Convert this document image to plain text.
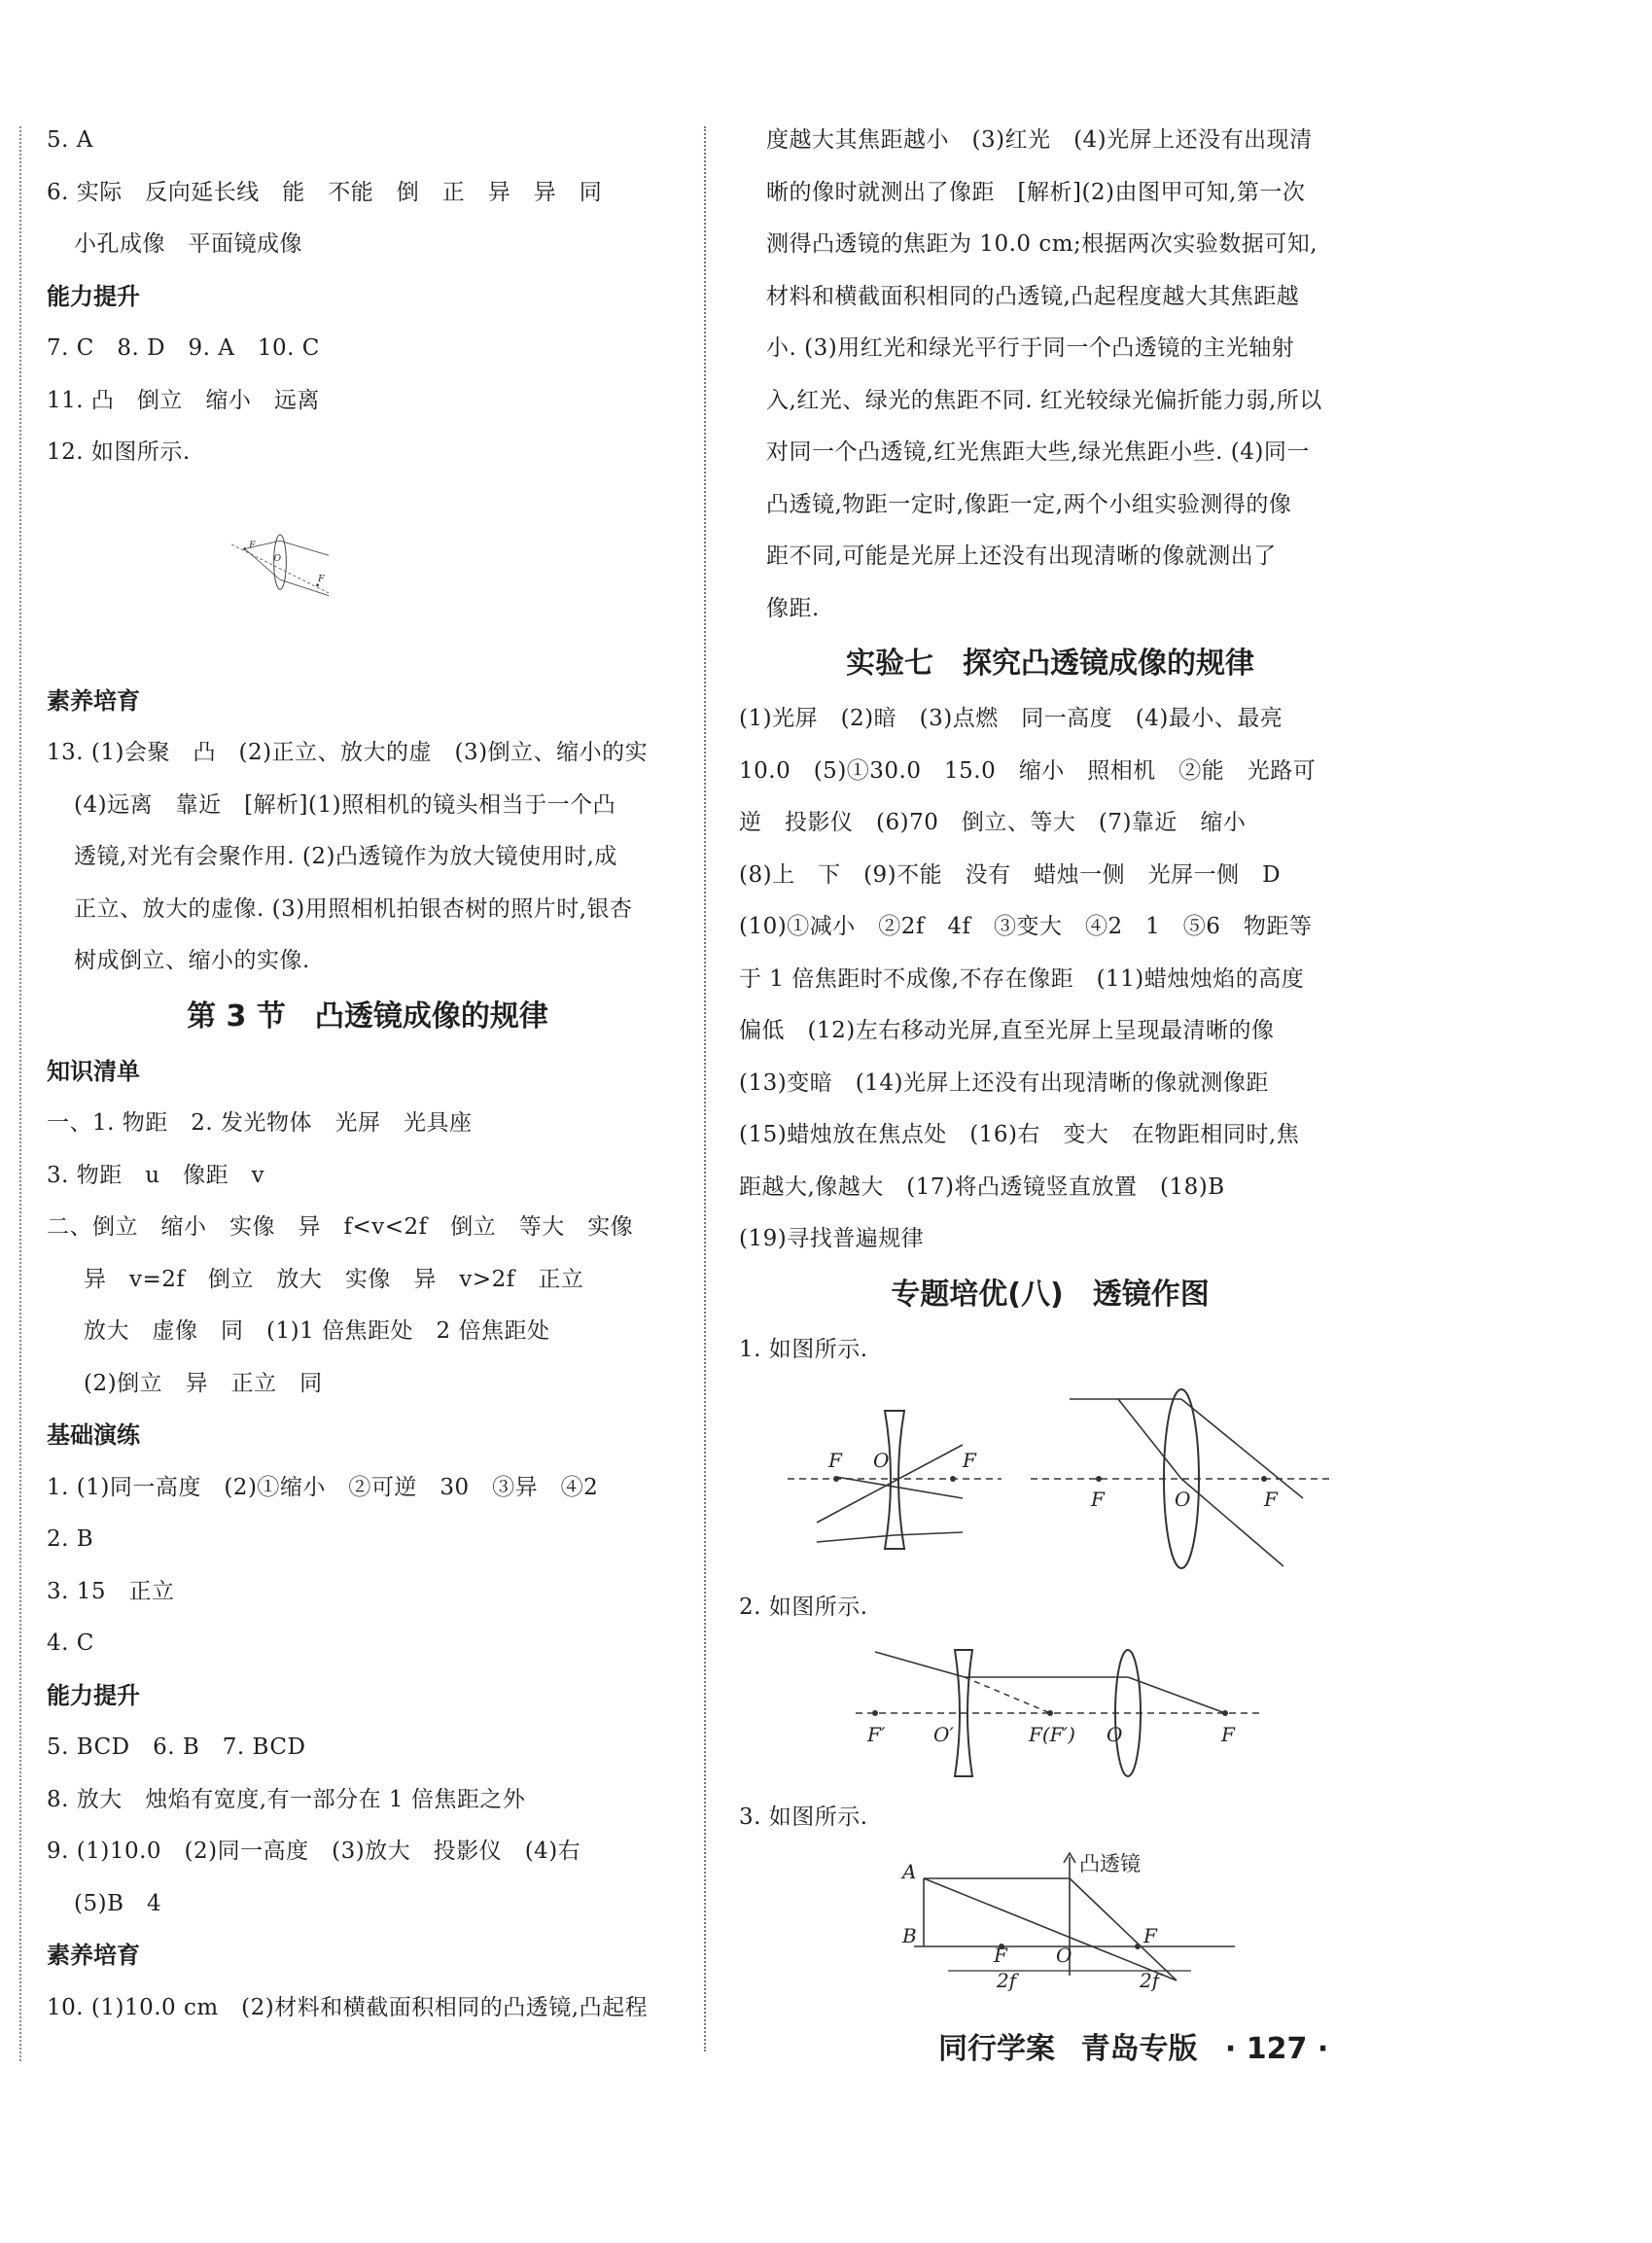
5. A
6. 实际　反向延长线　能　不能　倒　正　异　异　同
小孔成像　平面镜成像
能力提升
7. C　8. D　9. A　10. C
11. 凸　倒立　缩小　远离
12. 如图所示.
F
O
F
素养培育
13. (1)会聚　凸　(2)正立、放大的虚　(3)倒立、缩小的实
(4)远离　靠近　[解析](1)照相机的镜头相当于一个凸
透镜,对光有会聚作用. (2)凸透镜作为放大镜使用时,成
正立、放大的虚像. (3)用照相机拍银杏树的照片时,银杏
树成倒立、缩小的实像.
第 3 节　凸透镜成像的规律
知识清单
一、1. 物距　2. 发光物体　光屏　光具座
3. 物距　u　像距　v
二、倒立　缩小　实像　异　f<v<2f　倒立　等大　实像
异　v=2f　倒立　放大　实像　异　v>2f　正立
放大　虚像　同　(1)1 倍焦距处　2 倍焦距处
(2)倒立　异　正立　同
基础演练
1. (1)同一高度　(2)①缩小　②可逆　30　③异　④2
2. B
3. 15　正立
4. C
能力提升
5. BCD　6. B　7. BCD
8. 放大　烛焰有宽度,有一部分在 1 倍焦距之外
9. (1)10.0　(2)同一高度　(3)放大　投影仪　(4)右
(5)B　4
素养培育
10. (1)10.0 cm　(2)材料和横截面积相同的凸透镜,凸起程
度越大其焦距越小　(3)红光　(4)光屏上还没有出现清
晰的像时就测出了像距　[解析](2)由图甲可知,第一次
测得凸透镜的焦距为 10.0 cm;根据两次实验数据可知,
材料和横截面积相同的凸透镜,凸起程度越大其焦距越
小. (3)用红光和绿光平行于同一个凸透镜的主光轴射
入,红光、绿光的焦距不同. 红光较绿光偏折能力弱,所以
对同一个凸透镜,红光焦距大些,绿光焦距小些. (4)同一
凸透镜,物距一定时,像距一定,两个小组实验测得的像
距不同,可能是光屏上还没有出现清晰的像就测出了
像距.
实验七　探究凸透镜成像的规律
(1)光屏　(2)暗　(3)点燃　同一高度　(4)最小、最亮
10.0　(5)①30.0　15.0　缩小　照相机　②能　光路可
逆　投影仪　(6)70　倒立、等大　(7)靠近　缩小
(8)上　下　(9)不能　没有　蜡烛一侧　光屏一侧　D
(10)①减小　②2f　4f　③变大　④2　1　⑤6　物距等
于 1 倍焦距时不成像,不存在像距　(11)蜡烛烛焰的高度
偏低　(12)左右移动光屏,直至光屏上呈现最清晰的像
(13)变暗　(14)光屏上还没有出现清晰的像就测像距
(15)蜡烛放在焦点处　(16)右　变大　在物距相同时,焦
距越大,像越大　(17)将凸透镜竖直放置　(18)B
(19)寻找普遍规律
专题培优(八)　透镜作图
1. 如图所示.
F O	F
F	O	F
2. 如图所示.
F′ O′	F(F′) O	F
3. 如图所示.
A
B
凸透镜
F
F	O
2f	2f
同行学案 青岛专版 · 127 ·
